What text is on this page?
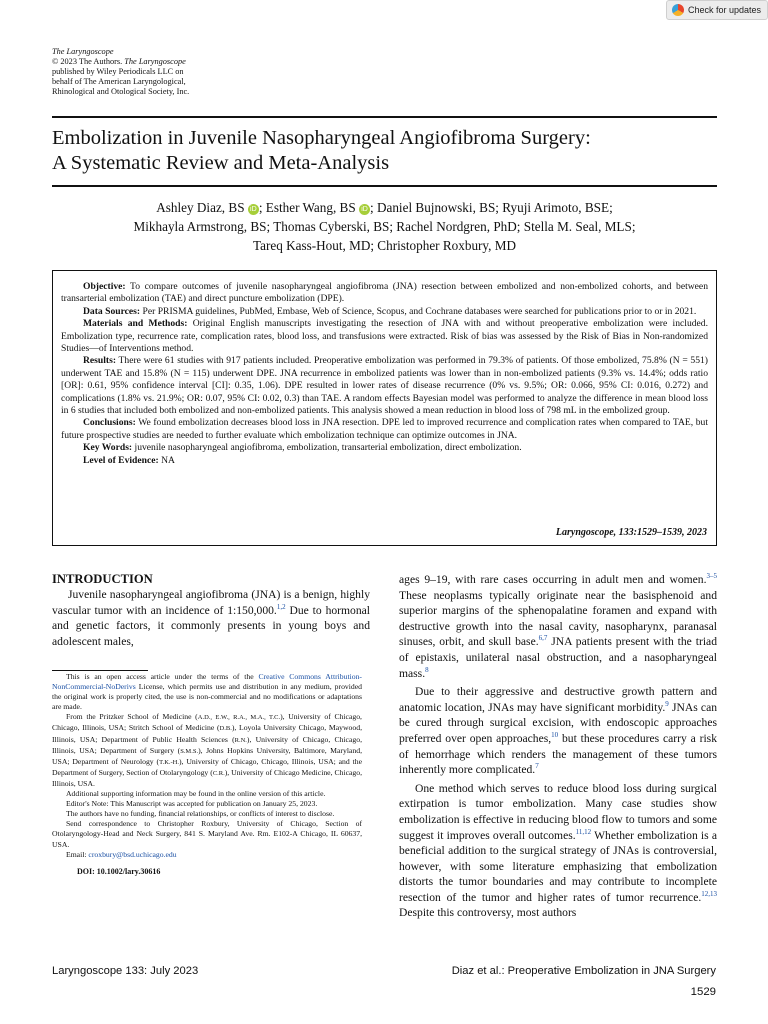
Check for updates
The Laryngoscope
© 2023 The Authors. The Laryngoscope
published by Wiley Periodicals LLC on
behalf of The American Laryngological,
Rhinological and Otological Society, Inc.
Embolization in Juvenile Nasopharyngeal Angiofibroma Surgery:
A Systematic Review and Meta-Analysis
Ashley Diaz, BS iD ; Esther Wang, BS iD ; Daniel Bujnowski, BS; Ryuji Arimoto, BSE;
Mikhayla Armstrong, BS; Thomas Cyberski, BS; Rachel Nordgren, PhD; Stella M. Seal, MLS;
Tareq Kass-Hout, MD; Christopher Roxbury, MD

Objective: To compare outcomes of juvenile nasopharyngeal angiofibroma (JNA) resection between embolized and non-embolized cohorts, and between transarterial embolization (TAE) and direct puncture embolization (DPE).

Data Sources: Per PRISMA guidelines, PubMed, Embase, Web of Science, Scopus, and Cochrane databases were searched for publications prior to or in 2021.

Materials and Methods: Original English manuscripts investigating the resection of JNA with and without preoperative embolization were included. Embolization type, recurrence rate, complication rates, blood loss, and transfusions were extracted. Risk of bias was assessed by the Risk of Bias in Non-randomized Studies—of Interventions method.

Results: There were 61 studies with 917 patients included. Preoperative embolization was performed in 79.3% of patients. Of those embolized, 75.8% (N = 551) underwent TAE and 15.8% (N = 115) underwent DPE. JNA recurrence in embolized patients was lower than in non-embolized patients (9.3% vs. 14.4%; odds ratio [OR]: 0.61, 95% confidence interval [CI]: 0.35, 1.06). DPE resulted in lower rates of disease recurrence (0% vs. 9.5%; OR: 0.066, 95% CI: 0.016, 0.272) and complications (1.8% vs. 21.9%; OR: 0.07, 95% CI: 0.02, 0.3) than TAE. A random effects Bayesian model was performed to analyze the difference in mean blood loss in 6 studies that included both embolized and non-embolized patients. This analysis showed a mean reduction in blood loss of 798 mL in the embolized group.

Conclusions: We found embolization decreases blood loss in JNA resection. DPE led to improved recurrence and complication rates when compared to TAE, but future prospective studies are needed to further evaluate which embolization technique can optimize outcomes in JNA.

Key Words: juvenile nasopharyngeal angiofibroma, embolization, transarterial embolization, direct embolization.

Level of Evidence: NA

Laryngoscope, 133:1529–1539, 2023
INTRODUCTION

Juvenile nasopharyngeal angiofibroma (JNA) is a benign, highly vascular tumor with an incidence of 1:150,000.$^{1,2}$ Due to hormonal and genetic factors, it commonly presents in young boys and adolescent males,

This is an open access article under the terms of the Creative Commons Attribution-NonCommercial-NoDerivs License, which permits use and distribution in any medium, provided the original work is properly cited, the use is non-commercial and no modifications or adaptations are made.

From the Pritzker School of Medicine (A.D., E.W., R.A., M.A., T.C.), University of Chicago, Chicago, Illinois, USA; Stritch School of Medicine (D.B.), Loyola University Chicago, Maywood, Illinois, USA; Department of Public Health Sciences (R.N.), University of Chicago, Chicago, Illinois, USA; Department of Surgery (S.M.S.), Johns Hopkins University, Baltimore, Maryland, USA; Department of Neurology (T.K.-H.), University of Chicago, Chicago, Illinois, USA; and the Department of Surgery, Section of Otolaryngology (C.R.), University of Chicago Medicine, Chicago, Illinois, USA.

Additional supporting information may be found in the online version of this article.

Editor's Note: This Manuscript was accepted for publication on January 25, 2023.

The authors have no funding, financial relationships, or conflicts of interest to disclose.

Send correspondence to Christopher Roxbury, University of Chicago, Section of Otolaryngology-Head and Neck Surgery, 841 S. Maryland Ave. Rm. E102-A Chicago, IL 60637, USA.

Email: croxbury@bsd.uchicago.edu

DOI: 10.1002/lary.30616

ages 9–19, with rare cases occurring in adult men and women.$^{3-5}$ These neoplasms typically originate near the basisphenoid and superior margins of the sphenopalatine foramen and expand with destructive growth into the nasal cavity, nasopharynx, paranasal sinuses, orbit, and skull base.$^{6,7}$ JNA patients present with the triad of epistaxis, unilateral nasal obstruction, and a nasopharyngeal mass.$^8$

Due to their aggressive and destructive growth pattern and anatomic location, JNAs may have significant morbidity.$^9$ JNAs can be cured through surgical excision, with endoscopic approaches preferred over open approaches,$^{10}$ but these procedures carry a risk of hemorrhage which renders the management of these tumors inherently more complicated.$^7$

One method which serves to reduce blood loss during surgical extirpation is tumor embolization. Many case studies show embolization is effective in reducing blood flow to tumors and some suggest it improves overall outcomes.$^{11,12}$ Whether embolization is a beneficial addition to the surgical strategy of JNAs is controversial, however, with some literature emphasizing that embolization distorts the tumor boundaries and may contribute to incomplete resection of the tumor and higher rates of tumor recurrence.$^{12,13}$ Despite this controversy, most authors

Laryngoscope 133: July 2023	Diaz et al.: Preoperative Embolization in JNA Surgery
1529
